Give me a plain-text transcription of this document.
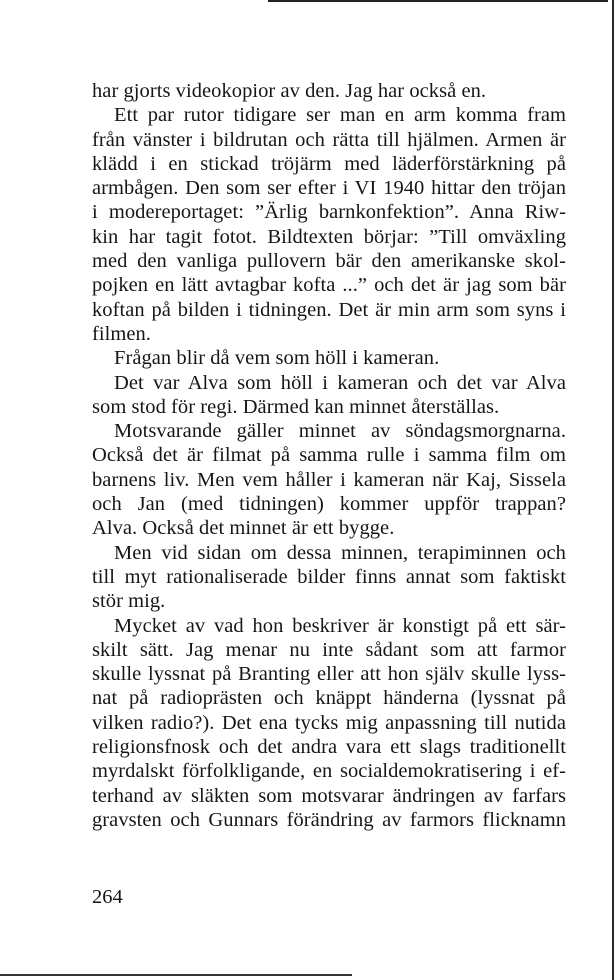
har gjorts videokopior av den. Jag har också en.
Ett par rutor tidigare ser man en arm komma fram
från vänster i bildrutan och rätta till hjälmen. Armen är
klädd i en stickad tröjärm med läderförstärkning på
armbågen. Den som ser efter i VI 1940 hittar den tröjan
i modereportaget: ”Ärlig barnkonfektion”. Anna Riw-
kin har tagit fotot. Bildtexten börjar: ”Till omväxling
med den vanliga pullovern bär den amerikanske skol-
pojken en lätt avtagbar kofta ...” och det är jag som bär
koftan på bilden i tidningen. Det är min arm som syns i
filmen.
Frågan blir då vem som höll i kameran.
Det var Alva som höll i kameran och det var Alva
som stod för regi. Därmed kan minnet återställas.
Motsvarande gäller minnet av söndagsmorgnarna.
Också det är filmat på samma rulle i samma film om
barnens liv. Men vem håller i kameran när Kaj, Sissela
och Jan (med tidningen) kommer uppför trappan?
Alva. Också det minnet är ett bygge.
Men vid sidan om dessa minnen, terapiminnen och
till myt rationaliserade bilder finns annat som faktiskt
stör mig.
Mycket av vad hon beskriver är konstigt på ett sär-
skilt sätt. Jag menar nu inte sådant som att farmor
skulle lyssnat på Branting eller att hon själv skulle lyss-
nat på radioprästen och knäppt händerna (lyssnat på
vilken radio?). Det ena tycks mig anpassning till nutida
religionsfnosk och det andra vara ett slags traditionellt
myrdalskt förfolkligande, en socialdemokratisering i ef-
terhand av släkten som motsvarar ändringen av farfars
gravsten och Gunnars förändring av farmors flicknamn
264
